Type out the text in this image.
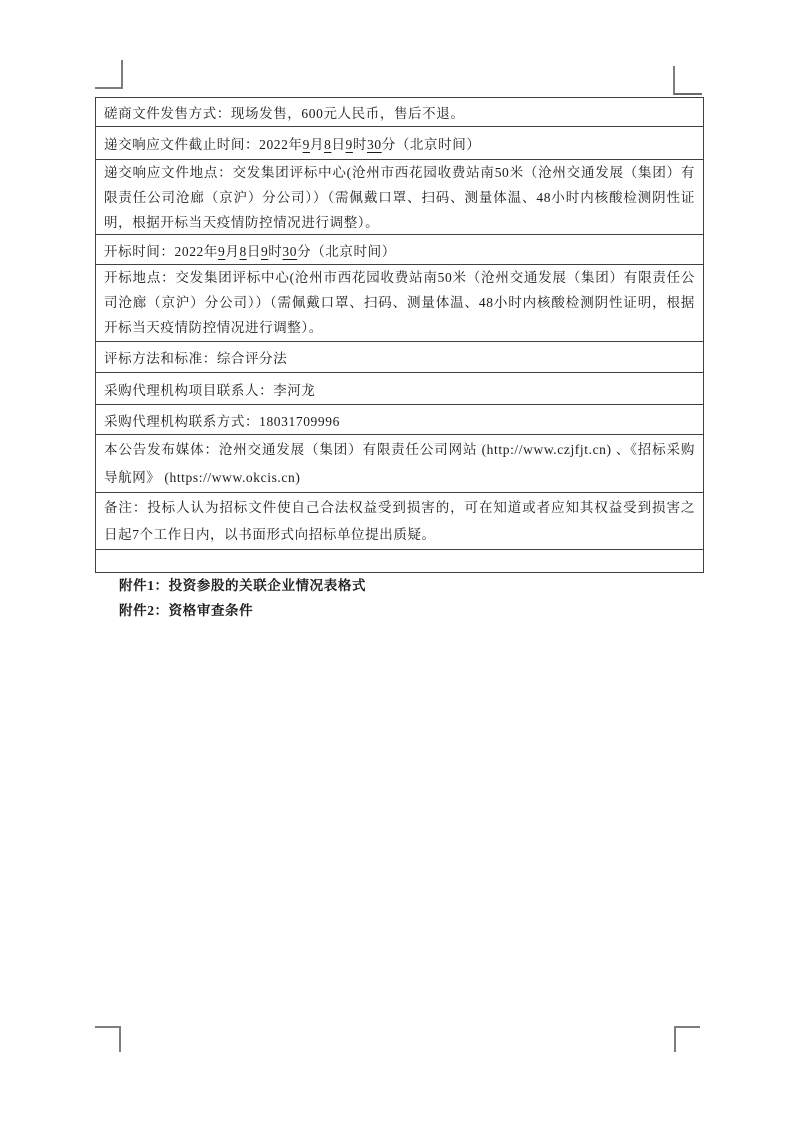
磋商文件发售方式：现场发售，600元人民币，售后不退。

递交响应文件截止时间：2022年9月8日9时30分（北京时间）

递交响应文件地点：交发集团评标中心(沧州市西花园收费站南50米（沧州交通发展（集团）有限责任公司沧廊（京沪）分公司））（需佩戴口罩、扫码、测量体温、48小时内核酸检测阴性证明，根据开标当天疫情防控情况进行调整）。

开标时间：2022年9月8日9时30分（北京时间）

开标地点：交发集团评标中心(沧州市西花园收费站南50米（沧州交通发展（集团）有限责任公司沧廊（京沪）分公司））（需佩戴口罩、扫码、测量体温、48小时内核酸检测阴性证明，根据开标当天疫情防控情况进行调整）。

评标方法和标准：综合评分法

采购代理机构项目联系人：李河龙

采购代理机构联系方式：18031709996

本公告发布媒体：沧州交通发展（集团）有限责任公司网站 (http://www.czjfjt.cn) 、《招标采购导航网》 (https://www.okcis.cn)

备注：投标人认为招标文件使自己合法权益受到损害的，可在知道或者应知其权益受到损害之日起7个工作日内，以书面形式向招标单位提出质疑。

附件1：投资参股的关联企业情况表格式

附件2：资格审查条件
